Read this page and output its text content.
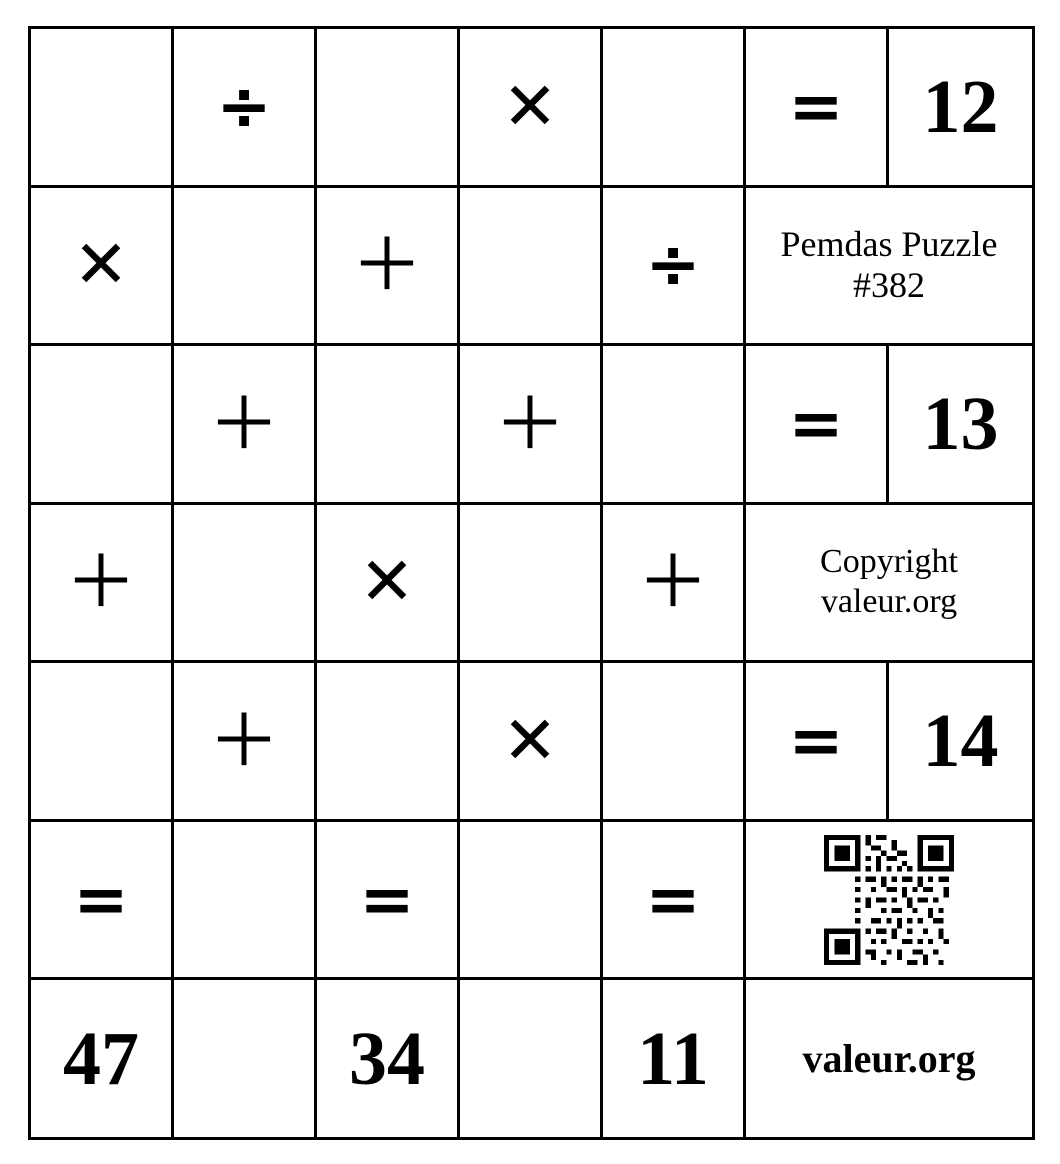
	÷		✕		=	12
✕		＋		÷	Pemdas Puzzle
#382	

	＋		＋		=	13
＋		✕		＋	Copyright
valeur.org	

	＋		✕		=	14
=		=		=	

47		34		11	valeur.org	
